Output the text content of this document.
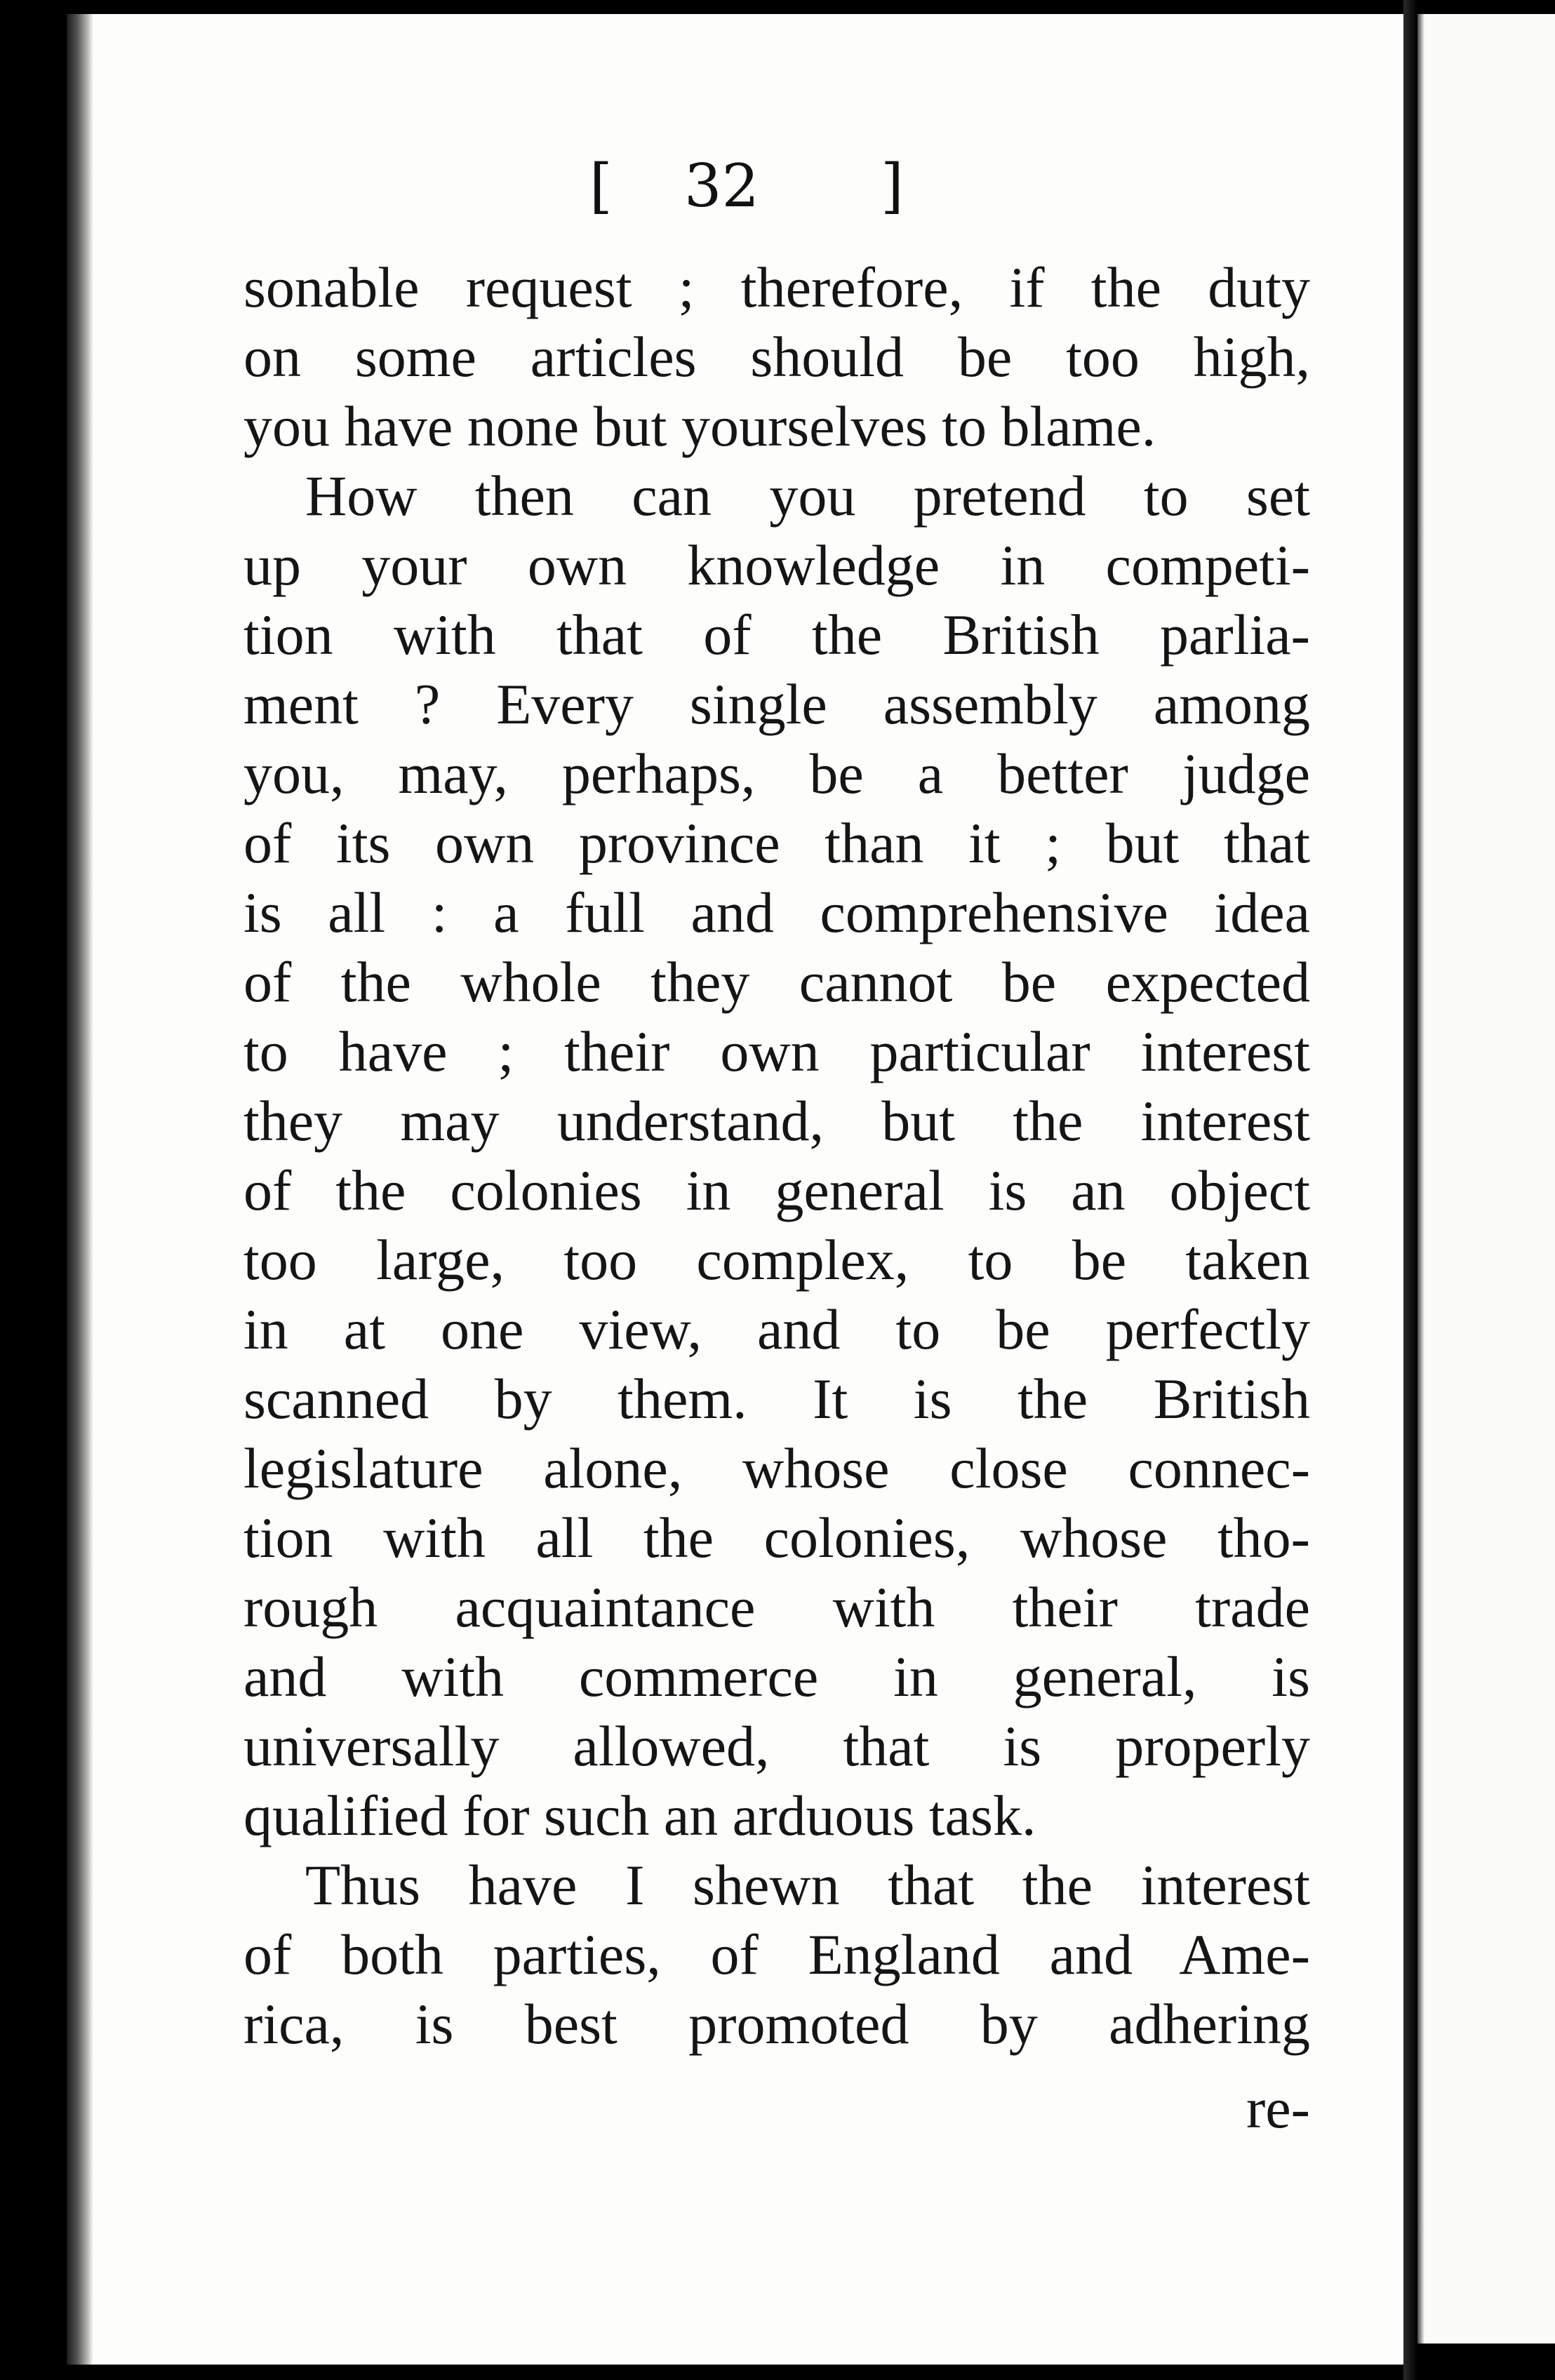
[ 32 ]
sonable request ; therefore, if the duty
on some articles should be too high,
you have none but yourselves to blame.
How then can you pretend to set
up your own knowledge in competi-
tion with that of the British parlia-
ment ? Every single assembly among
you, may, perhaps, be a better judge
of its own province than it ; but that
is all : a full and comprehensive idea
of the whole they cannot be expected
to have ; their own particular interest
they may understand, but the interest
of the colonies in general is an object
too large, too complex, to be taken
in at one view, and to be perfectly
scanned by them. It is the British
legislature alone, whose close connec-
tion with all the colonies, whose tho-
rough acquaintance with their trade
and with commerce in general, is
universally allowed, that is properly
qualified for such an arduous task.
Thus have I shewn that the interest
of both parties, of England and Ame-
rica, is best promoted by adhering
re-
